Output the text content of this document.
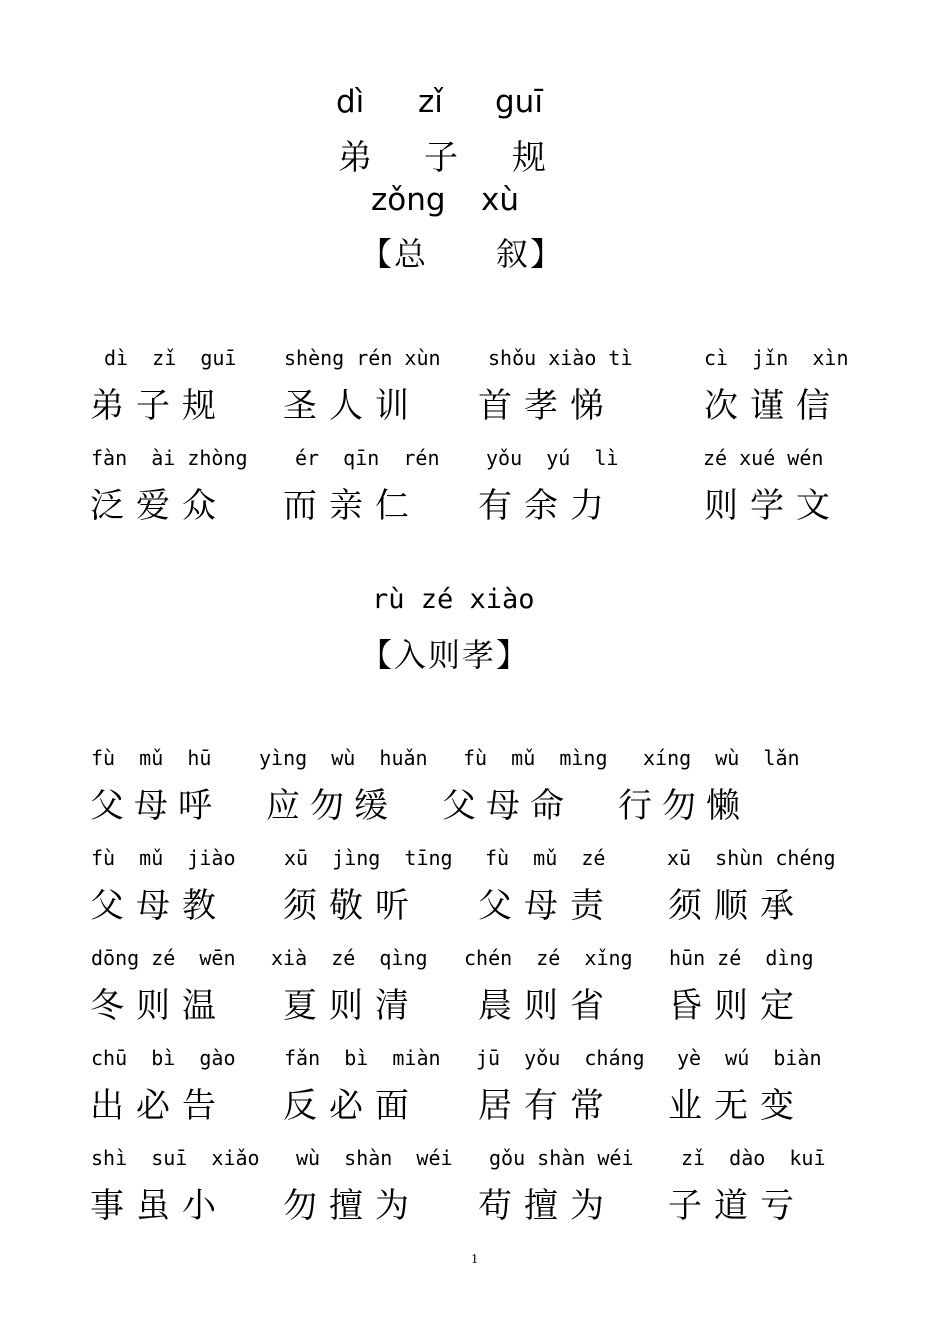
dì zǐ guī
弟 子 规
zǒng xù
【总　　叙】
dì  zǐ  guī shèng rén xùn shǒu xiào tì	cì  jǐn  xìn
弟子规 圣人训 首孝悌	次谨信
fàn  ài zhòng ér  qīn  rén yǒu  yú  lì	zé xué wén
泛爱众 而亲仁 有余力	则学文
rù zé xiào
【入则孝】
fù  mǔ  hū yìng  wù  huǎn fù  mǔ  mìng xíng  wù  lǎn
父母呼 应勿缓 父母命 行勿懒
fù  mǔ  jiào xū  jìng  tīng fù  mǔ  zé	xū  shùn chéng
父母教 须敬听 父母责 须顺承
dōng zé  wēn xià  zé  qìng chén  zé  xǐng hūn zé  dìng
冬则温 夏则清 晨则省 昏则定
chū  bì  gào fǎn  bì  miàn jū  yǒu  cháng yè  wú  biàn
出必告 反必面 居有常 业无变
shì  suī  xiǎo wù  shàn  wéi gǒu shàn wéi zǐ  dào  kuī
事虽小 勿擅为 苟擅为 子道亏
1
